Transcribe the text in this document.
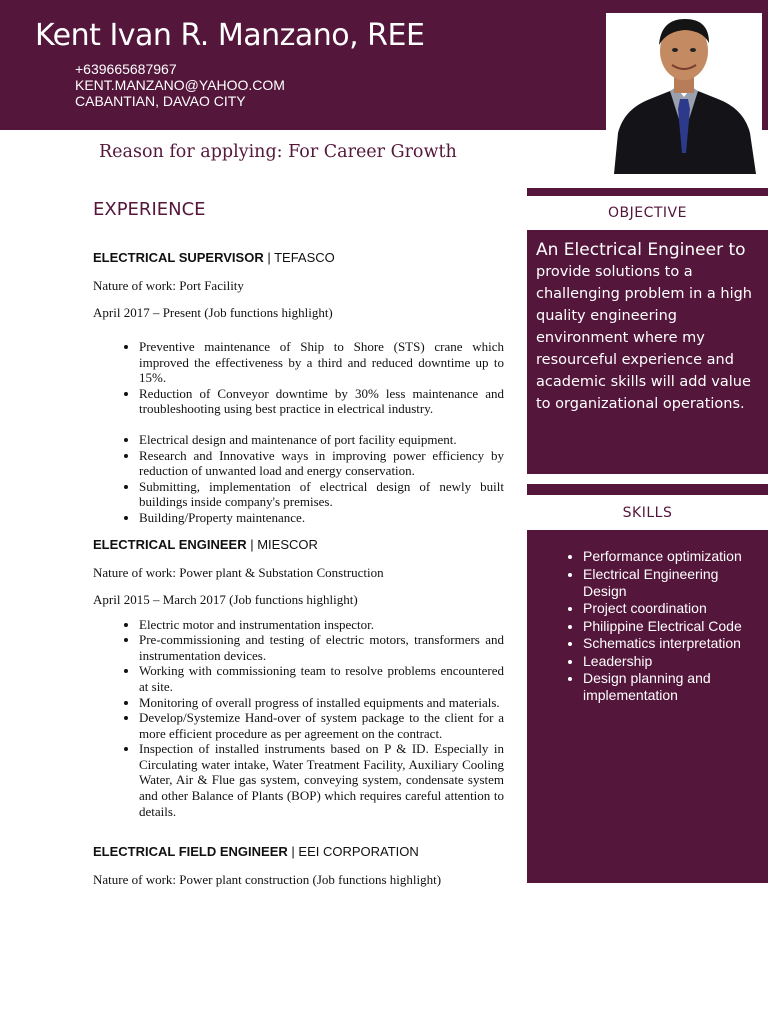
Kent Ivan R. Manzano, REE
+639665687967
KENT.MANZANO@YAHOO.COM
CABANTIAN, DAVAO CITY
Reason for applying: For Career Growth
EXPERIENCE

ELECTRICAL SUPERVISOR | TEFASCO

Nature of work: Port Facility

April 2017 – Present (Job functions highlight)

• Preventive maintenance of Ship to Shore (STS) crane which improved the effectiveness by a third and reduced downtime up to 15%.
• Reduction of Conveyor downtime by 30% less maintenance and troubleshooting using best practice in electrical industry.
• Electrical design and maintenance of port facility equipment.
• Research and Innovative ways in improving power efficiency by reduction of unwanted load and energy conservation.
• Submitting, implementation of electrical design of newly built buildings inside company's premises.
• Building/Property maintenance.

ELECTRICAL ENGINEER | MIESCOR

Nature of work: Power plant & Substation Construction

April 2015 – March 2017 (Job functions highlight)

• Electric motor and instrumentation inspector.
• Pre-commissioning and testing of electric motors, transformers and instrumentation devices.
• Working with commissioning team to resolve problems encountered at site.
• Monitoring of overall progress of installed equipments and materials.
• Develop/Systemize Hand-over of system package to the client for a more efficient procedure as per agreement on the contract.
• Inspection of installed instruments based on P & ID. Especially in Circulating water intake, Water Treatment Facility, Auxiliary Cooling Water, Air & Flue gas system, conveying system, condensate system and other Balance of Plants (BOP) which requires careful attention to details.

ELECTRICAL FIELD ENGINEER | EEI CORPORATION

Nature of work: Power plant construction (Job functions highlight)

OBJECTIVE
An Electrical Engineer to
provide solutions to a challenging problem in a high quality engineering environment where my resourceful experience and academic skills will add value to organizational operations.
SKILLS
• Performance optimization
• Electrical Engineering Design
• Project coordination
• Philippine Electrical Code
• Schematics interpretation
• Leadership
• Design planning and implementation
